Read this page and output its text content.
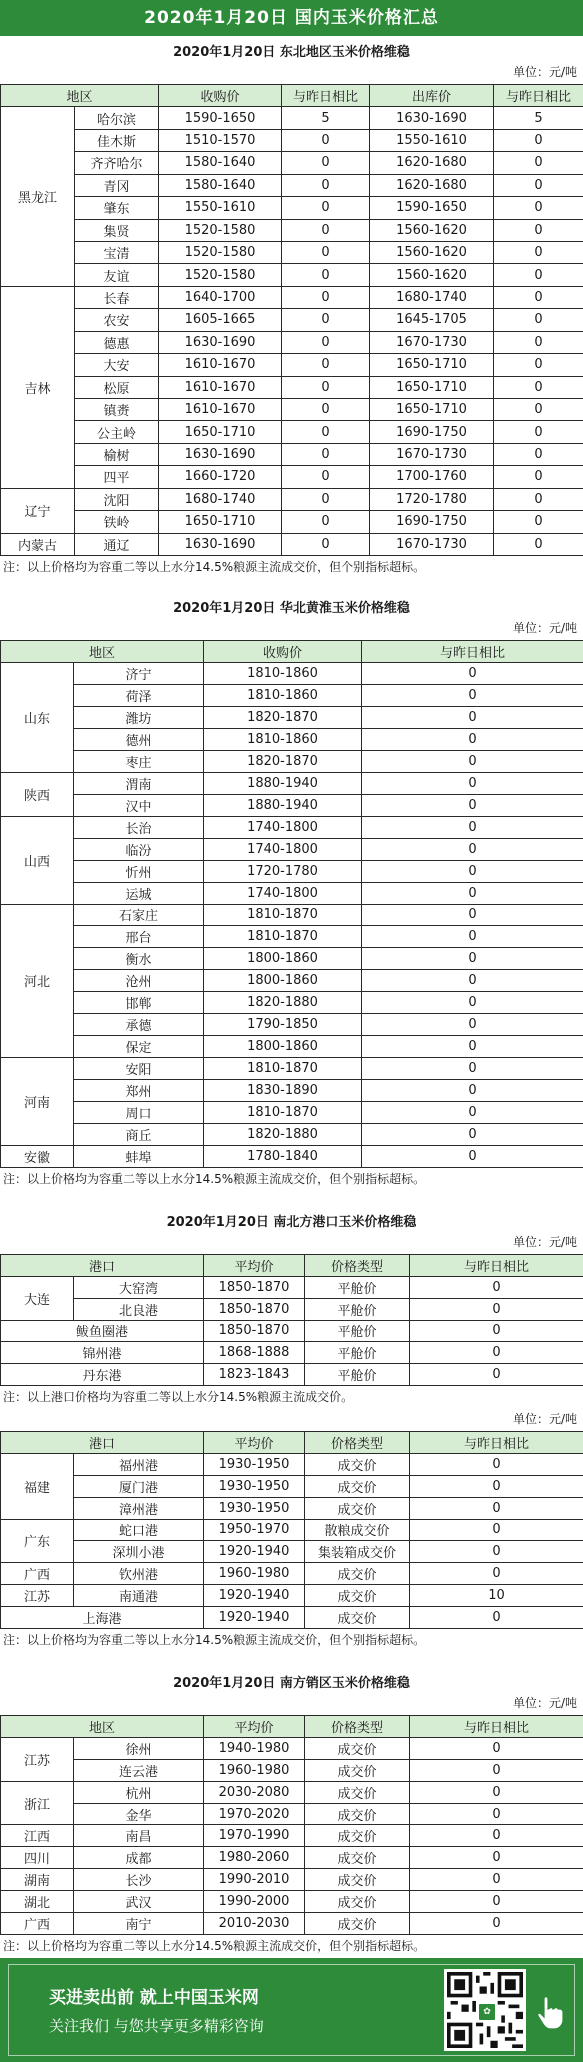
2020年1月20日 国内玉米价格汇总
2020年1月20日 东北地区玉米价格维稳
单位：元/吨
地区	收购价	与昨日相比	出库价	与昨日相比
黑龙江
哈尔滨	1590-1650	5	1630-1690	5
佳木斯	1510-1570	0	1550-1610	0
齐齐哈尔	1580-1640	0	1620-1680	0
青冈	1580-1640	0	1620-1680	0
肇东	1550-1610	0	1590-1650	0
集贤	1520-1580	0	1560-1620	0
宝清	1520-1580	0	1560-1620	0
友谊	1520-1580	0	1560-1620	0
吉林
长春	1640-1700	0	1680-1740	0
农安	1605-1665	0	1645-1705	0
德惠	1630-1690	0	1670-1730	0
大安	1610-1670	0	1650-1710	0
松原	1610-1670	0	1650-1710	0
镇赉	1610-1670	0	1650-1710	0
公主岭	1650-1710	0	1690-1750	0
榆树	1630-1690	0	1670-1730	0
四平	1660-1720	0	1700-1760	0
辽宁
沈阳	1680-1740	0	1720-1780	0
铁岭	1650-1710	0	1690-1750	0
内蒙古	通辽	1630-1690	0	1670-1730	0
注：以上价格均为容重二等以上水分14.5%粮源主流成交价，但个别指标超标。
2020年1月20日 华北黄淮玉米价格维稳
单位：元/吨
地区	收购价	与昨日相比
山东
济宁	1810-1860	0
荷泽	1810-1860	0
潍坊	1820-1870	0
德州	1810-1860	0
枣庄	1820-1870	0
陕西
渭南	1880-1940	0
汉中	1880-1940	0
山西
长治	1740-1800	0
临汾	1740-1800	0
忻州	1720-1780	0
运城	1740-1800	0
河北
石家庄	1810-1870	0
邢台	1810-1870	0
衡水	1800-1860	0
沧州	1800-1860	0
邯郸	1820-1880	0
承德	1790-1850	0
保定	1800-1860	0
河南
安阳	1810-1870	0
郑州	1830-1890	0
周口	1810-1870	0
商丘	1820-1880	0
安徽	蚌埠	1780-1840	0
注：以上价格均为容重二等以上水分14.5%粮源主流成交价，但个别指标超标。
2020年1月20日 南北方港口玉米价格维稳
单位：元/吨
港口	平均价	价格类型	与昨日相比
大连
大窑湾	1850-1870	平舱价	0
北良港	1850-1870	平舱价	0
鲅鱼圈港	1850-1870	平舱价	0
锦州港	1868-1888	平舱价	0
丹东港	1823-1843	平舱价	0
注：以上港口价格均为容重二等以上水分14.5%粮源主流成交价。
单位：元/吨
港口	平均价	价格类型	与昨日相比
福建
福州港	1930-1950	成交价	0
厦门港	1930-1950	成交价	0
漳州港	1930-1950	成交价	0
广东
蛇口港	1950-1970	散粮成交价	0
深圳小港	1920-1940	集装箱成交价	0
广西	钦州港	1960-1980	成交价	0
江苏	南通港	1920-1940	成交价	10
上海港	1920-1940	成交价	0
注：以上价格均为容重二等以上水分14.5%粮源主流成交价，但个别指标超标。
2020年1月20日 南方销区玉米价格维稳
单位：元/吨
地区	平均价	价格类型	与昨日相比
江苏
徐州	1940-1980	成交价	0
连云港	1960-1980	成交价	0
浙江
杭州	2030-2080	成交价	0
金华	1970-2020	成交价	0
江西	南昌	1970-1990	成交价	0
四川	成都	1980-2060	成交价	0
湖南	长沙	1990-2010	成交价	0
湖北	武汉	1990-2000	成交价	0
广西	南宁	2010-2030	成交价	0
注：以上价格均为容重二等以上水分14.5%粮源主流成交价，但个别指标超标。
买进卖出前 就上中国玉米网
关注我们 与您共享更多精彩咨询
✿
